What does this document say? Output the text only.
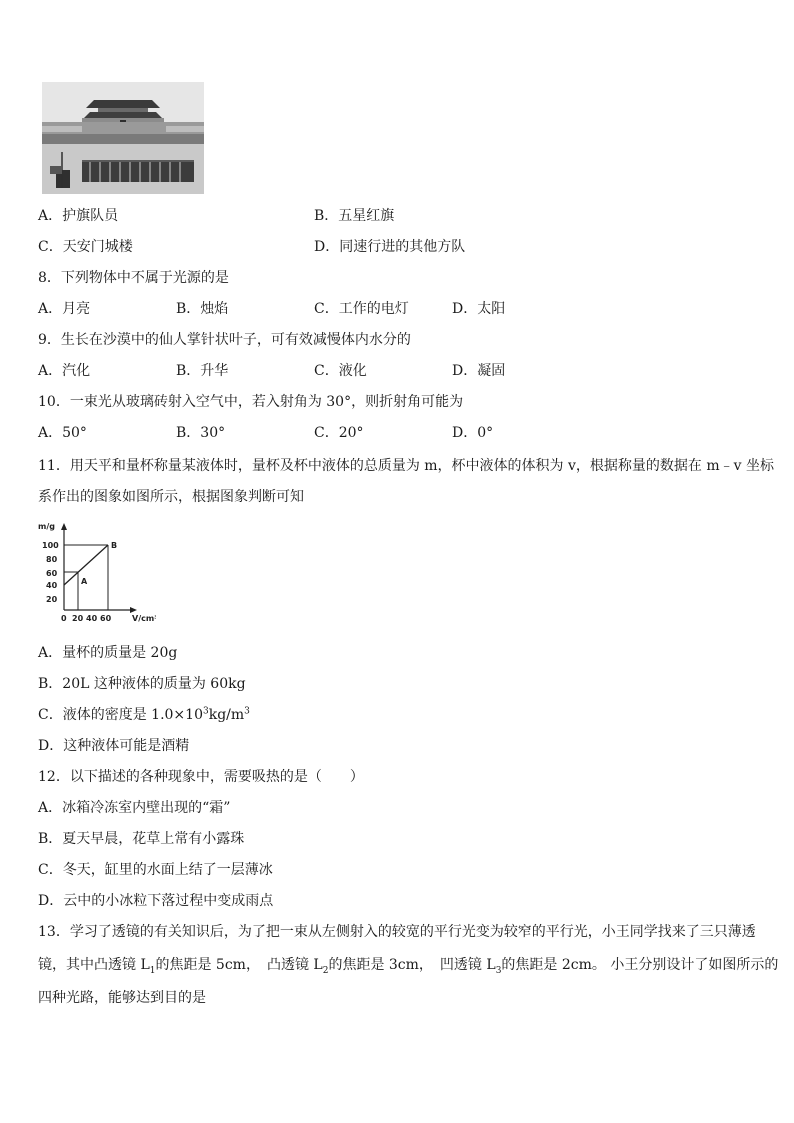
A．护旗队员	B．五星红旗
C．天安门城楼	D．同速行进的其他方队
8．下列物体中不属于光源的是
A．月亮	B．烛焰	C．工作的电灯	D．太阳
9．生长在沙漠中的仙人掌针状叶子，可有效减慢体内水分的
A．汽化	B．升华	C．液化	D．凝固
10．一束光从玻璃砖射入空气中，若入射角为 30°，则折射角可能为
A．50°	B．30°	C．20°	D．0°
11．用天平和量杯称量某液体时，量杯及杯中液体的总质量为 m，杯中液体的体积为 v，根据称量的数据在 m﹣v 坐标
系作出的图象如图所示，根据图象判断可知
m/g
V/cm³
100
80
60
40
20
0 20 40 60
A
B
A．量杯的质量是 20g
B．20L 这种液体的质量为 60kg
C．液体的密度是 $1.0\times 10^3kg/m^3$
D．这种液体可能是酒精
12．以下描述的各种现象中，需要吸热的是（　　）
A．冰箱冷冻室内壁出现的“霜”
B．夏天早晨，花草上常有小露珠
C．冬天，缸里的水面上结了一层薄冰
D．云中的小冰粒下落过程中变成雨点
13．学习了透镜的有关知识后，为了把一束从左侧射入的较宽的平行光变为较窄的平行光，小王同学找来了三只薄透
镜，其中凸透镜 $L_1$的焦距是 5cm，　凸透镜 $L_2$的焦距是 3cm，　凹透镜 $L_3$的焦距是 2cm。 小王分别设计了如图所示的
四种光路，能够达到目的是
